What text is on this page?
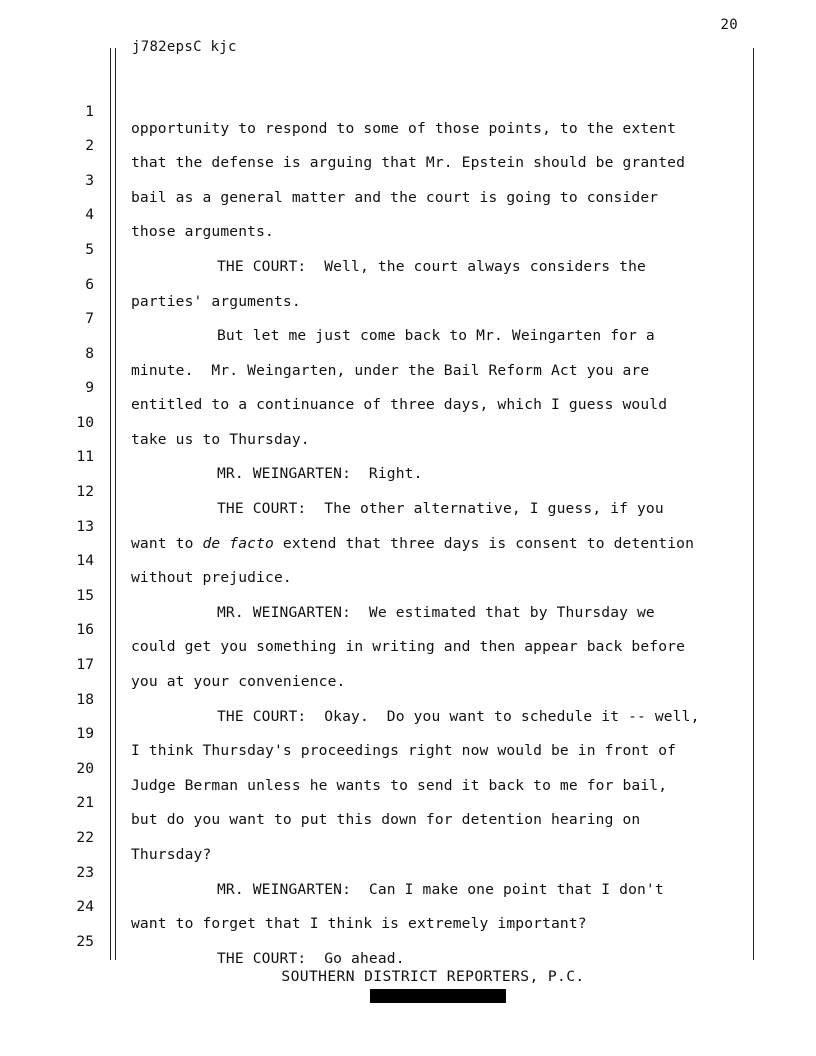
20
j782epsC kjc

1

opportunity to respond to some of those points, to the extent

2

that the defense is arguing that Mr. Epstein should be granted

3

bail as a general matter and the court is going to consider

4

those arguments.

5

THE COURT:  Well, the court always considers the

6

parties' arguments.

7

But let me just come back to Mr. Weingarten for a

8

minute.  Mr. Weingarten, under the Bail Reform Act you are

9

entitled to a continuance of three days, which I guess would

10

take us to Thursday.

11

MR. WEINGARTEN:  Right.

12

THE COURT:  The other alternative, I guess, if you

13

want to de facto extend that three days is consent to detention

14

without prejudice.

15

MR. WEINGARTEN:  We estimated that by Thursday we

16

could get you something in writing and then appear back before

17

you at your convenience.

18

THE COURT:  Okay.  Do you want to schedule it -- well,

19

I think Thursday's proceedings right now would be in front of

20

Judge Berman unless he wants to send it back to me for bail,

21

but do you want to put this down for detention hearing on

22

Thursday?

23

MR. WEINGARTEN:  Can I make one point that I don't

24

want to forget that I think is extremely important?

25

THE COURT:  Go ahead.

SOUTHERN DISTRICT REPORTERS, P.C.
